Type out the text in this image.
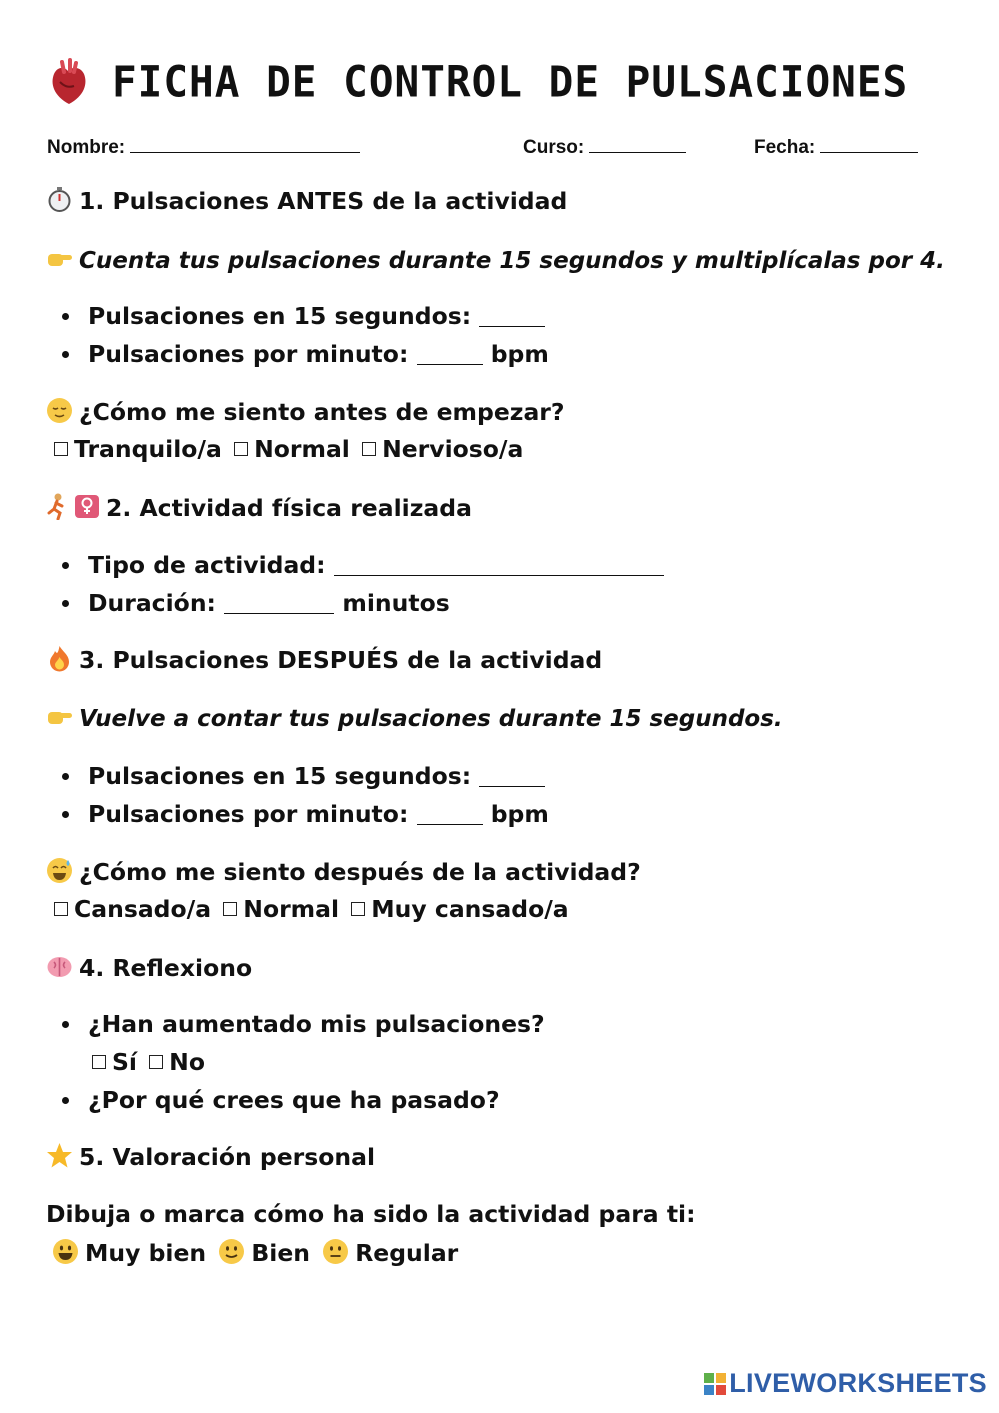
FICHA DE CONTROL DE PULSACIONES
Nombre:	Curso:	Fecha:
1. Pulsaciones ANTES de la actividad
Cuenta tus pulsaciones durante 15 segundos y multiplícalas por 4.
Pulsaciones en 15 segundos:
Pulsaciones por minuto:	bpm
¿Cómo me siento antes de empezar?
Tranquilo/a Normal Nervioso/a
2. Actividad física realizada
Tipo de actividad:
Duración:	minutos
3. Pulsaciones DESPUÉS de la actividad
Vuelve a contar tus pulsaciones durante 15 segundos.
Pulsaciones en 15 segundos:
Pulsaciones por minuto:	bpm
¿Cómo me siento después de la actividad?
Cansado/a Normal Muy cansado/a
4. Reflexiono
¿Han aumentado mis pulsaciones?
Sí No
¿Por qué crees que ha pasado?
5. Valoración personal
Dibuja o marca cómo ha sido la actividad para ti:
Muy bien Bien Regular
LIVEWORKSHEETS
